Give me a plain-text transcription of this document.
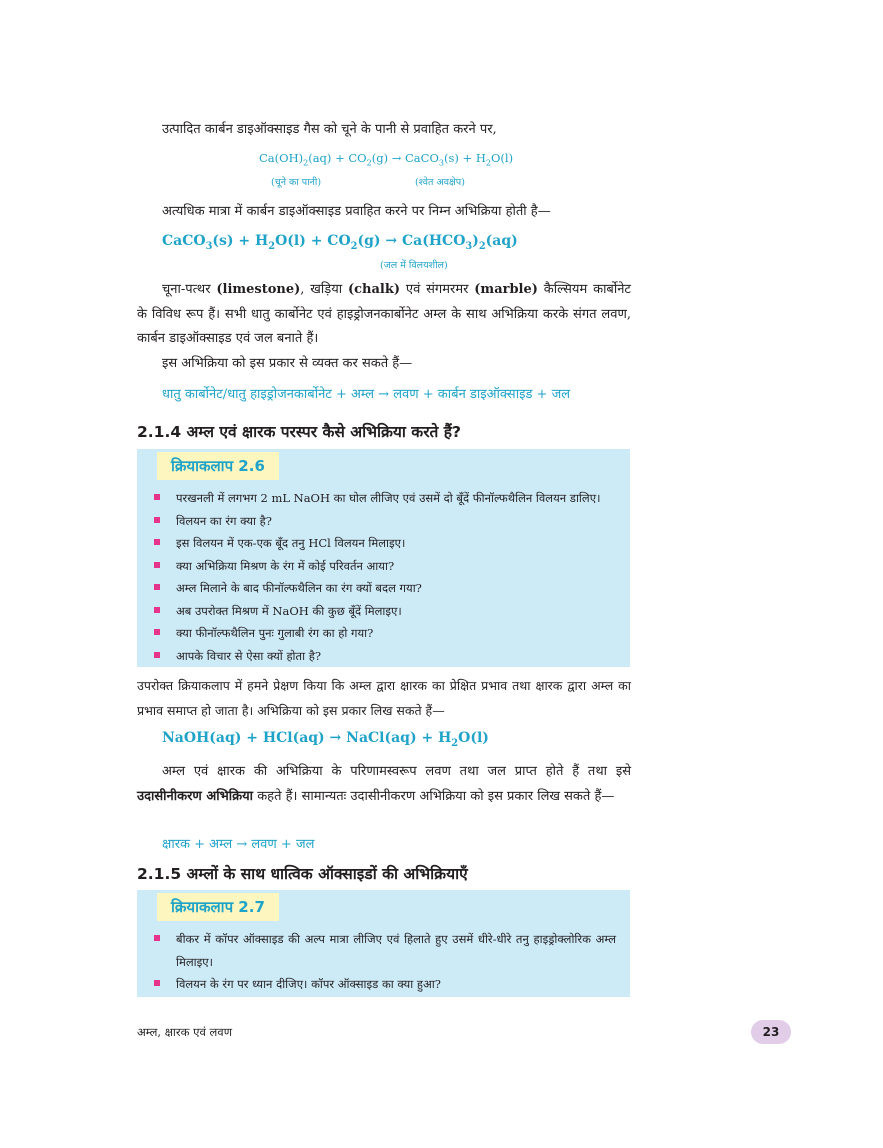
उत्पादित कार्बन डाइऑक्साइड गैस को चूने के पानी से प्रवाहित करने पर,
$Ca(OH)_2(aq) + CO_2(g)$ → CaCO$_3$(s) + $H_2O(l)$
(चूने का पानी)	(श्वेत अवक्षेप)
अत्यधिक मात्रा में कार्बन डाइऑक्साइड प्रवाहित करने पर निम्न अभिक्रिया होती है—
CaCO$_3$(s) + $H_2O(l) + CO_2(g) \to Ca(HCO_3)_2(aq)$
(जल में विलयशील)
चूना-पत्थर (limestone), खड़िया (chalk) एवं संगमरमर (marble) कैल्सियम कार्बोनेट के विविध रूप हैं। सभी धातु कार्बोनेट एवं हाइड्रोजनकार्बोनेट अम्ल के साथ अभिक्रिया करके संगत लवण, कार्बन डाइऑक्साइड एवं जल बनाते हैं।
इस अभिक्रिया को इस प्रकार से व्यक्त कर सकते हैं—
धातु कार्बोनेट/धातु हाइड्रोजनकार्बोनेट + अम्ल → लवण + कार्बन डाइऑक्साइड + जल
2.1.4 अम्ल एवं क्षारक परस्पर कैसे अभिक्रिया करते हैं?
क्रियाकलाप 2.6
परखनली में लगभग 2 mL NaOH का घोल लीजिए एवं उसमें दो बूँदें फीनॉल्फथैलिन विलयन डालिए।
विलयन का रंग क्या है?
इस विलयन में एक-एक बूँद तनु HCl विलयन मिलाइए।
क्या अभिक्रिया मिश्रण के रंग में कोई परिवर्तन आया?
अम्ल मिलाने के बाद फीनॉल्फथैलिन का रंग क्यों बदल गया?
अब उपरोक्त मिश्रण में NaOH की कुछ बूँदें मिलाइए।
क्या फीनॉल्फथैलिन पुनः गुलाबी रंग का हो गया?
आपके विचार से ऐसा क्यों होता है?
उपरोक्त क्रियाकलाप में हमने प्रेक्षण किया कि अम्ल द्वारा क्षारक का प्रेक्षित प्रभाव तथा क्षारक द्वारा अम्ल का प्रभाव समाप्त हो जाता है। अभिक्रिया को इस प्रकार लिख सकते हैं—
NaOH(aq) + HCl(aq) → NaCl(aq) + $H_2O(l)$
अम्ल एवं क्षारक की अभिक्रिया के परिणामस्वरूप लवण तथा जल प्राप्त होते हैं तथा इसे उदासीनीकरण अभिक्रिया कहते हैं। सामान्यतः उदासीनीकरण अभिक्रिया को इस प्रकार लिख सकते हैं—
क्षारक + अम्ल → लवण + जल
2.1.5 अम्लों के साथ धात्विक ऑक्साइडों की अभिक्रियाएँ
क्रियाकलाप 2.7
बीकर में कॉपर ऑक्साइड की अल्प मात्रा लीजिए एवं हिलाते हुए उसमें धीरे-धीरे तनु हाइड्रोक्लोरिक अम्ल मिलाइए।
विलयन के रंग पर ध्यान दीजिए। कॉपर ऑक्साइड का क्या हुआ?
अम्ल, क्षारक एवं लवण	23
